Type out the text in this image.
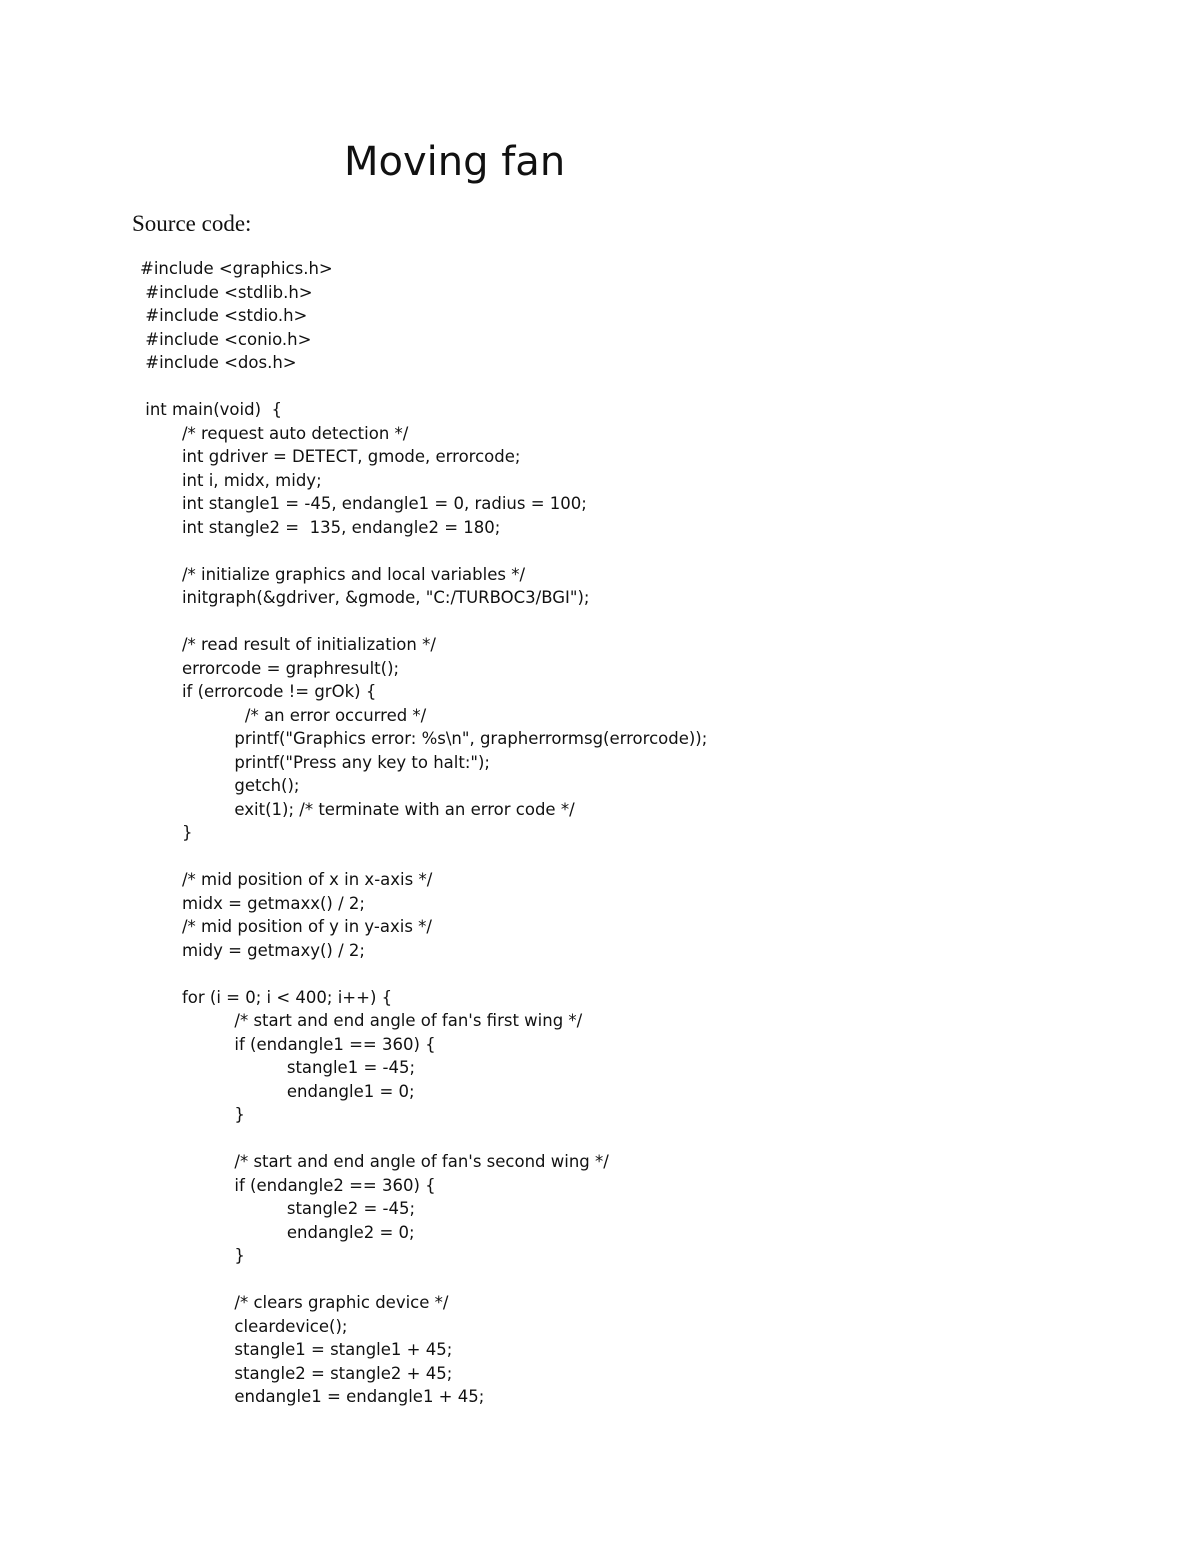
Moving fan
Source code:
#include <graphics.h>
#include <stdlib.h>
#include <stdio.h>
#include <conio.h>
#include <dos.h>
int main(void)  {
/* request auto detection */
int gdriver = DETECT, gmode, errorcode;
int i, midx, midy;
int stangle1 = -45, endangle1 = 0, radius = 100;
int stangle2 =  135, endangle2 = 180;
/* initialize graphics and local variables */
initgraph(&gdriver, &gmode, "C:/TURBOC3/BGI");
/* read result of initialization */
errorcode = graphresult();
if (errorcode != grOk) {
/* an error occurred */
printf("Graphics error: %s\n", grapherrormsg(errorcode));
printf("Press any key to halt:");
getch();
exit(1); /* terminate with an error code */
}
/* mid position of x in x-axis */
midx = getmaxx() / 2;
/* mid position of y in y-axis */
midy = getmaxy() / 2;
for (i = 0; i < 400; i++) {
/* start and end angle of fan's first wing */
if (endangle1 == 360) {
stangle1 = -45;
endangle1 = 0;
}
/* start and end angle of fan's second wing */
if (endangle2 == 360) {
stangle2 = -45;
endangle2 = 0;
}
/* clears graphic device */
cleardevice();
stangle1 = stangle1 + 45;
stangle2 = stangle2 + 45;
endangle1 = endangle1 + 45;
